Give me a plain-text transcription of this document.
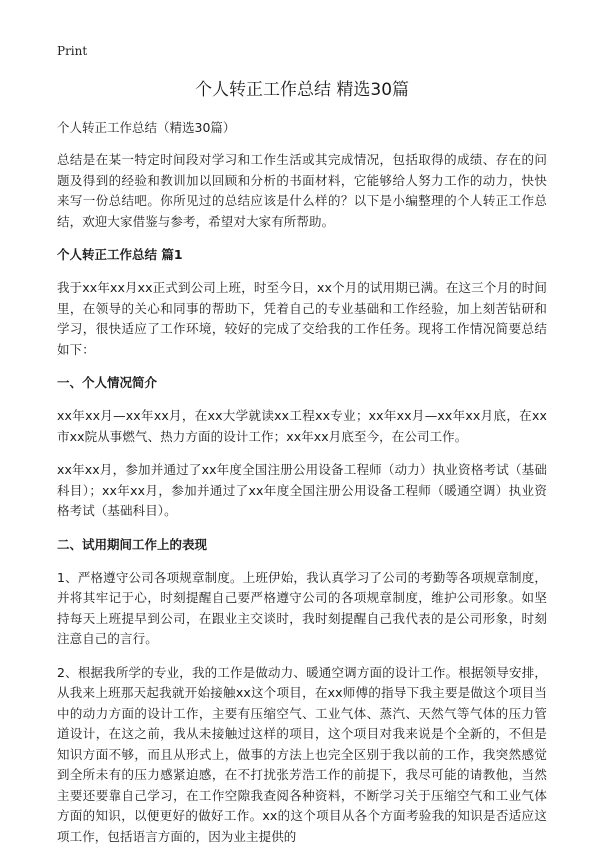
Print
个人转正工作总结 精选30篇
个人转正工作总结（精选30篇）

总结是在某一特定时间段对学习和工作生活或其完成情况，包括取得的成绩、存在的问题及得到的经验和教训加以回顾和分析的书面材料，它能够给人努力工作的动力，快快来写一份总结吧。你所见过的总结应该是什么样的？以下是小编整理的个人转正工作总结，欢迎大家借鉴与参考，希望对大家有所帮助。

个人转正工作总结 篇1

我于xx年xx月xx正式到公司上班，时至今日，xx个月的试用期已满。在这三个月的时间里，在领导的关心和同事的帮助下，凭着自己的专业基础和工作经验，加上刻苦钻研和学习，很快适应了工作环境，较好的完成了交给我的工作任务。现将工作情况简要总结如下：

一、个人情况简介

xx年xx月—xx年xx月，在xx大学就读xx工程xx专业；xx年xx月—xx年xx月底，在xx市xx院从事燃气、热力方面的设计工作；xx年xx月底至今，在公司工作。

xx年xx月，参加并通过了xx年度全国注册公用设备工程师（动力）执业资格考试（基础科目）；xx年xx月，参加并通过了xx年度全国注册公用设备工程师（暖通空调）执业资格考试（基础科目）。

二、试用期间工作上的表现

1、严格遵守公司各项规章制度。上班伊始，我认真学习了公司的考勤等各项规章制度，并将其牢记于心，时刻提醒自己要严格遵守公司的各项规章制度，维护公司形象。如坚持每天上班提早到公司，在跟业主交谈时，我时刻提醒自己我代表的是公司形象，时刻注意自己的言行。

2、根据我所学的专业，我的工作是做动力、暖通空调方面的设计工作。根据领导安排，从我来上班那天起我就开始接触xx这个项目，在xx师傅的指导下我主要是做这个项目当中的动力方面的设计工作，主要有压缩空气、工业气体、蒸汽、天然气等气体的压力管道设计，在这之前，我从未接触过这样的项目，这个项目对我来说是个全新的，不但是知识方面不够，而且从形式上，做事的方法上也完全区别于我以前的工作，我突然感觉到全所未有的压力感紧迫感，在不打扰张芳浩工作的前提下，我尽可能的请教他，当然主要还要靠自己学习，在工作空隙我查阅各种资料，不断学习关于压缩空气和工业气体方面的知识，以便更好的做好工作。xx的这个项目从各个方面考验我的知识是否适应这项工作，包括语言方面的，因为业主提供的
